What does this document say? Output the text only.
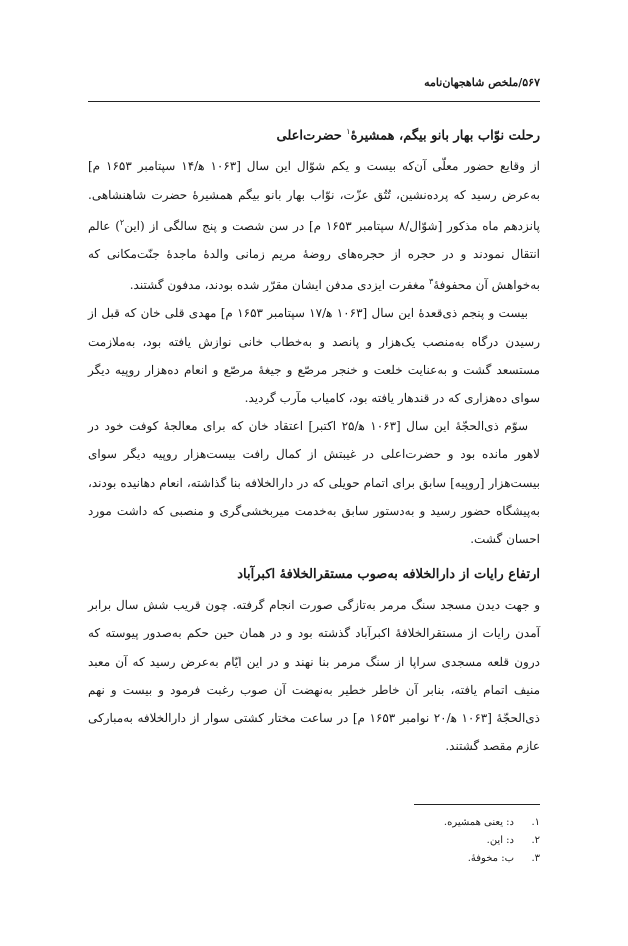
۵۶۷/ملخص شاهجهان‌نامه
رحلت نوّاب بهار بانو بیگم، همشیرهٔ$^۱$ حضرت‌اعلی

از وقایع حضور معلّی آن‌که بیست و یکم شوّال این سال [۱۰۶۳ ه‍/۱۴ سپتامبر ۱۶۵۳ م] به‌عرض رسید که پرده‌نشین، تُتُق عزّت، نوّاب بهار بانو بیگم همشیرهٔ حضرت شاهنشاهی. پانزدهم ماه مذکور [شوّال/۸ سپتامبر ۱۶۵۳ م] در سن شصت و پنج سالگی از (این$^۲$) عالم انتقال نمودند و در حجره از حجره‌های روضهٔ مریم زمانی والدهٔ ماجدهٔ جنّت‌مکانی که به‌خواهش آن محفوفهٔ$^۳$ مغفرت ایزدی مدفن ایشان مقرّر شده بودند، مدفون گشتند.

بیست و پنجم ذی‌قعدهٔ این سال [۱۰۶۳ ه‍/۱۷ سپتامبر ۱۶۵۳ م] مهدی قلی خان که قبل از رسیدن درگاه به‌منصب یک‌هزار و پانصد و به‌خطاب خانی نوازش یافته بود، به‌ملازمت مستسعد گشت و به‌عنایت خلعت و خنجر مرصّع و جیغهٔ مرصّع و انعام ده‌هزار روپیه دیگر سوای ده‌هزاری که در قندهار یافته بود، کامیاب مآرب گردید.

سوّم ذی‌الحجّهٔ این سال [۱۰۶۳ ه‍/۲۵ اکتبر] اعتقاد خان که برای معالجهٔ کوفت خود در لاهور مانده بود و حضرت‌اعلی در غیبتش از کمال رافت بیست‌هزار روپیه دیگر سوای بیست‌هزار [روپیه] سابق برای اتمام حویلی که در دارالخلافه بنا گذاشته، انعام دهانیده بودند، به‌پیشگاه حضور رسید و به‌دستور سابق به‌خدمت میربخشی‌گری و منصبی که داشت مورد احسان گشت.

ارتفاع رایات از دارالخلافه به‌صوب مستقرالخلافهٔ اکبرآباد

و جهت دیدن مسجد سنگ مرمر به‌تازگی صورت انجام گرفته. چون قریب شش سال برابر آمدن رایات از مستقرالخلافهٔ اکبرآباد گذشته بود و در همان حین حکم به‌صدور پیوسته که درون قلعه مسجدی سراپا از سنگ مرمر بنا نهند و در این ایّام به‌عرض رسید که آن معبد منیف اتمام یافته، بنابر آن خاطر خطیر به‌نهضت آن صوب رغبت فرمود و بیست و نهم ذی‌الحجّهٔ [۱۰۶۳ ه‍/۲۰ نوامبر ۱۶۵۳ م] در ساعت مختار کشتی سوار از دارالخلافه به‌مبارکی عازم مقصد گشتند.

۱.
د: یعنی همشیره.
۲.
د: این.
۳.
ب: مخوفهٔ.
